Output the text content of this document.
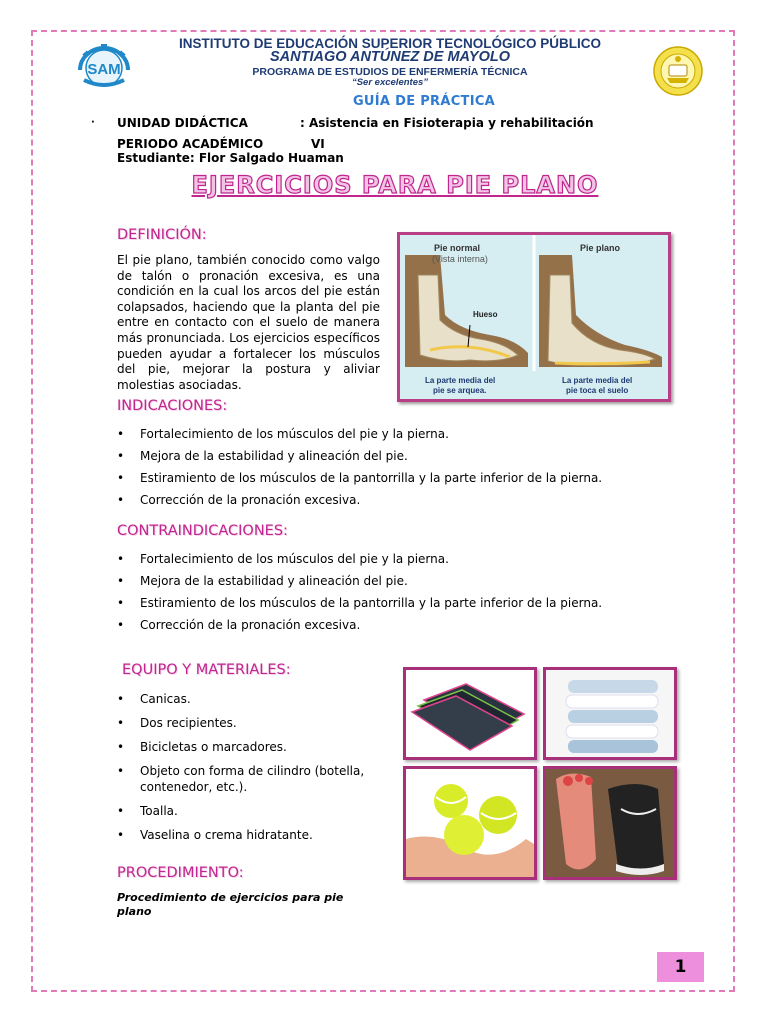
SAM
INSTITUTO DE EDUCACIÓN SUPERIOR TECNOLÓGICO PÚBLICO
SANTIAGO ANTÚNEZ DE MAYOLO
PROGRAMA DE ESTUDIOS DE ENFERMERÍA TÉCNICA
“Ser excelentes”
GUÍA DE PRÁCTICA
· UNIDAD DIDÁCTICA	: Asistencia en Fisioterapia y rehabilitación
PERIODO ACADÉMICO	VI
Estudiante: Flor Salgado Huaman
EJERCICIOS PARA PIE PLANO
DEFINICIÓN:
El pie plano, también conocido como valgo de talón o pronación excesiva, es una condición en la cual los arcos del pie están colapsados, haciendo que la planta del pie entre en contacto con el suelo de manera más pronunciada. Los ejercicios específicos pueden ayudar a fortalecer los músculos del pie, mejorar la postura y aliviar molestias asociadas.
Pie normal
(Vista interna)
Hueso
La parte media del
pie se arquea.
Pie plano
La parte media del
pie toca el suelo
INDICACIONES:
• Fortalecimiento de los músculos del pie y la pierna.
• Mejora de la estabilidad y alineación del pie.
• Estiramiento de los músculos de la pantorrilla y la parte inferior de la pierna.
• Corrección de la pronación excesiva.
CONTRAINDICACIONES:
• Fortalecimiento de los músculos del pie y la pierna.
• Mejora de la estabilidad y alineación del pie.
• Estiramiento de los músculos de la pantorrilla y la parte inferior de la pierna.
• Corrección de la pronación excesiva.
EQUIPO Y MATERIALES:
• Canicas.
• Dos recipientes.
• Bicicletas o marcadores.
• Objeto con forma de cilindro (botella, contenedor, etc.).
• Toalla.
• Vaselina o crema hidratante.
PROCEDIMIENTO:
Procedimiento de ejercicios para pie plano
1
